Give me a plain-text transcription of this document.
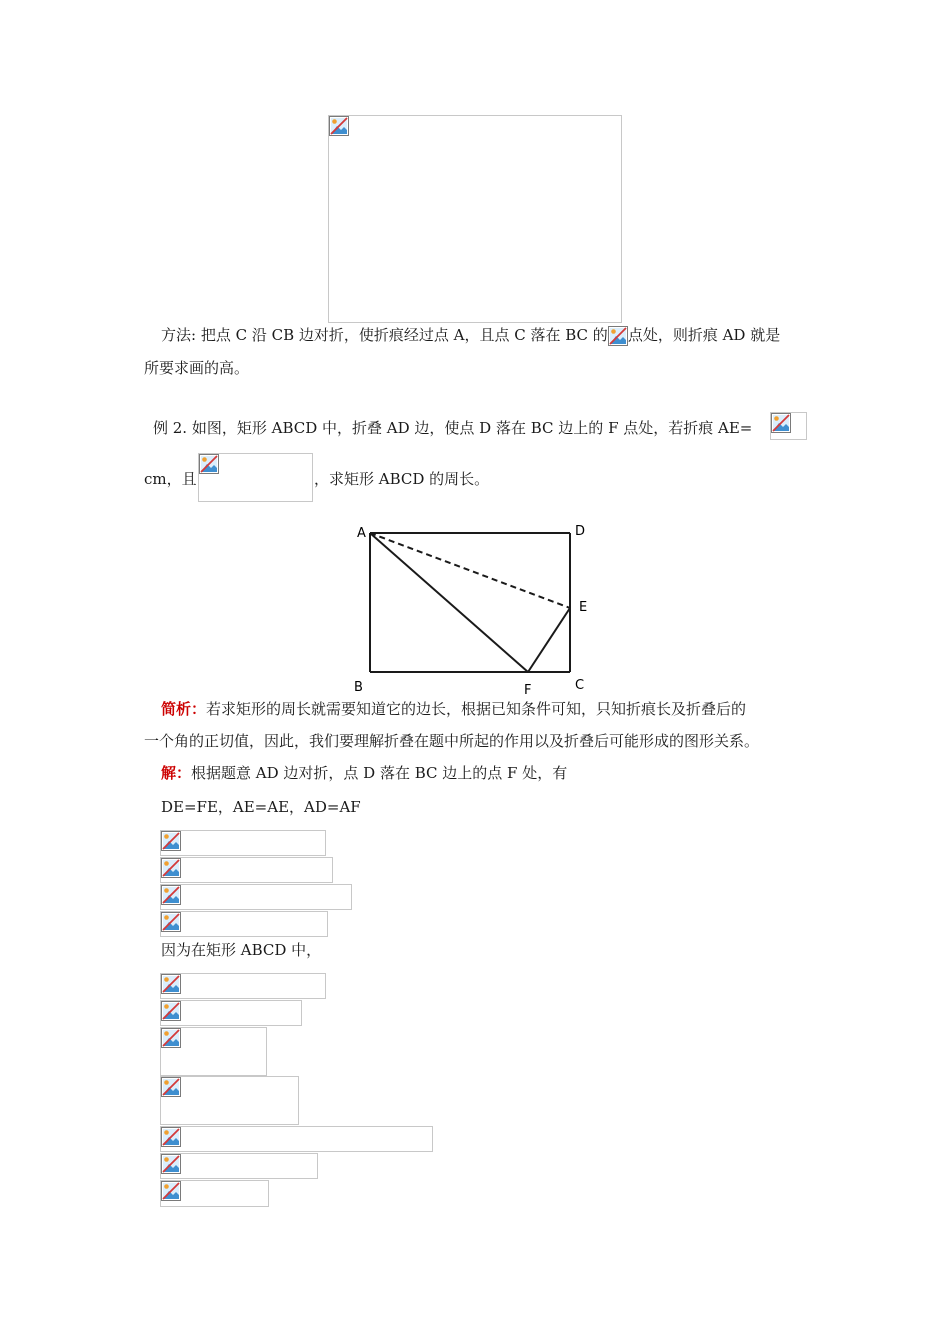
方法: 把点 C 沿 CB 边对折，使折痕经过点 A，且点 C 落在 BC 的 点处，则折痕 AD 就是
所要求画的高。
例 2. 如图，矩形 ABCD 中，折叠 AD 边，使点 D 落在 BC 边上的 F 点处，若折痕 AE=
cm，且	，求矩形 ABCD 的周长。
A	D
E
B	F	C
简析：若求矩形的周长就需要知道它的边长，根据已知条件可知，只知折痕长及折叠后的
一个角的正切值，因此，我们要理解折叠在题中所起的作用以及折叠后可能形成的图形关系。
解：根据题意 AD 边对折，点 D 落在 BC 边上的点 F 处，有
DE=FE，AE=AE，AD=AF
因为在矩形 ABCD 中，
